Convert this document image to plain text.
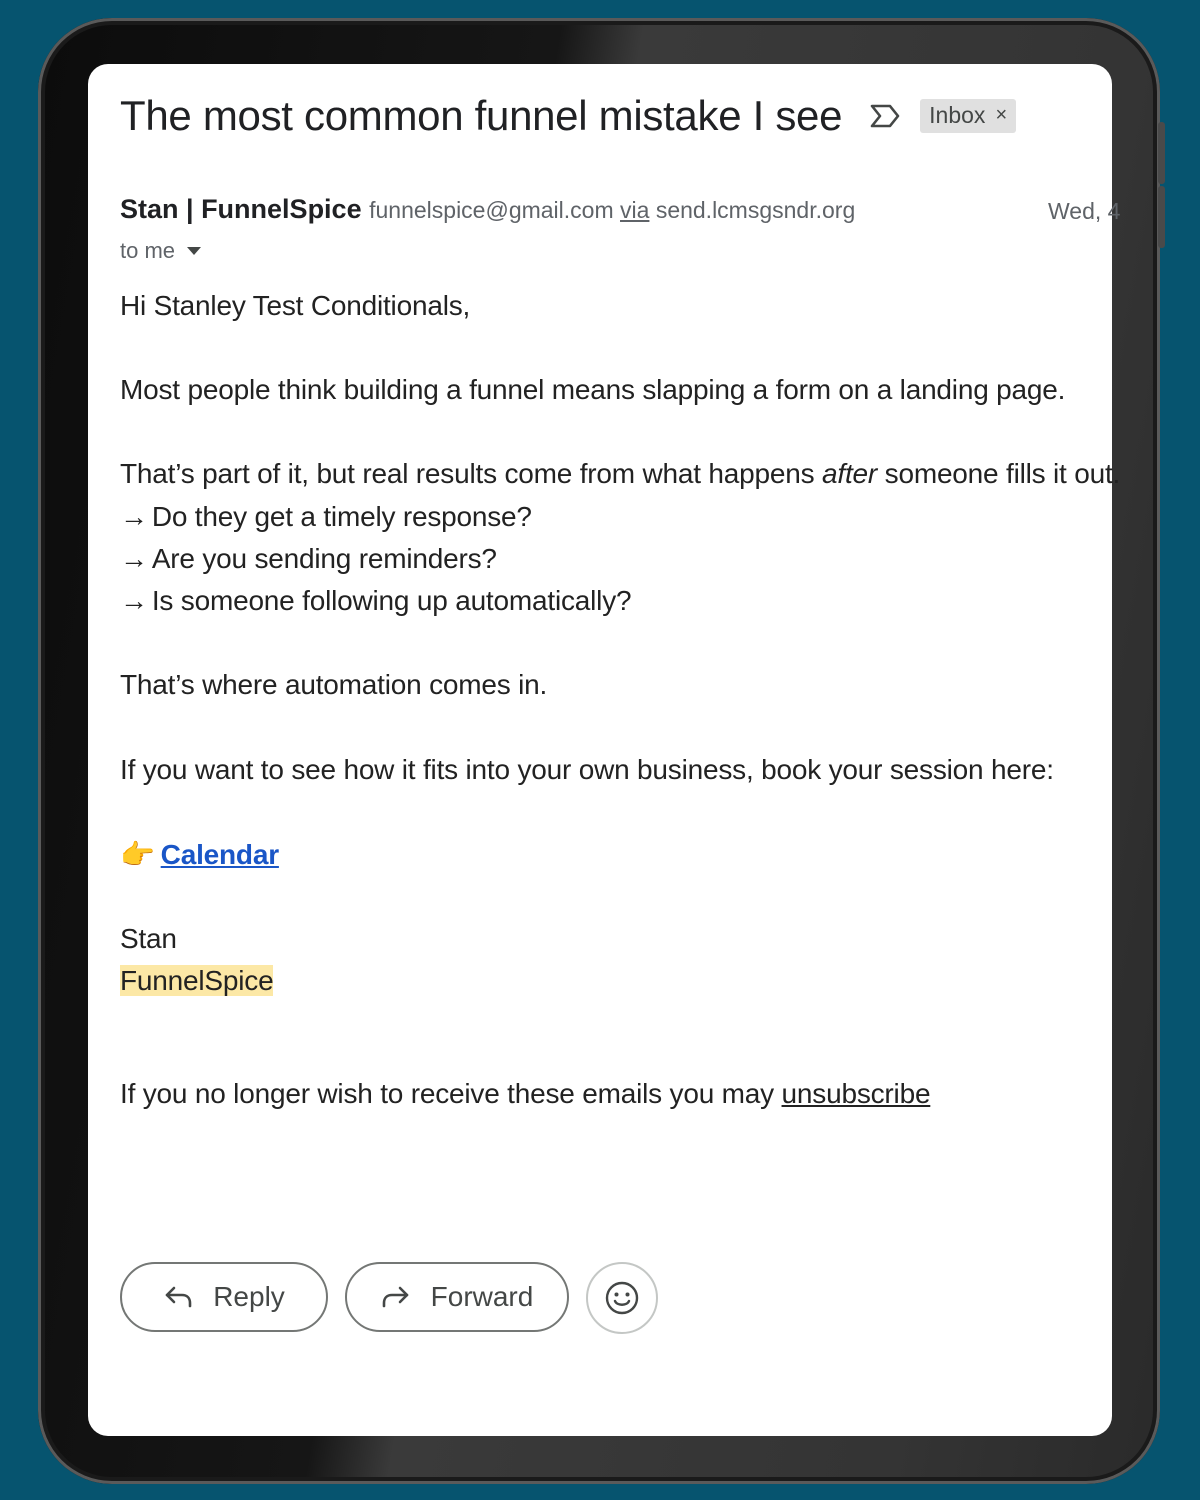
The most common funnel mistake I see	Inbox ×
Stan | FunnelSpice funnelspice@gmail.com via send.lcmsgsndr.org	Wed, 4
to me
Hi Stanley Test Conditionals,
Most people think building a funnel means slapping a form on a landing page.
That’s part of it, but real results come from what happens after someone fills it out.
→ Do they get a timely response?
→ Are you sending reminders?
→ Is someone following up automatically?
That’s where automation comes in.
If you want to see how it fits into your own business, book your session here:
👉 Calendar
Stan
FunnelSpice
If you no longer wish to receive these emails you may unsubscribe
Reply	Forward
